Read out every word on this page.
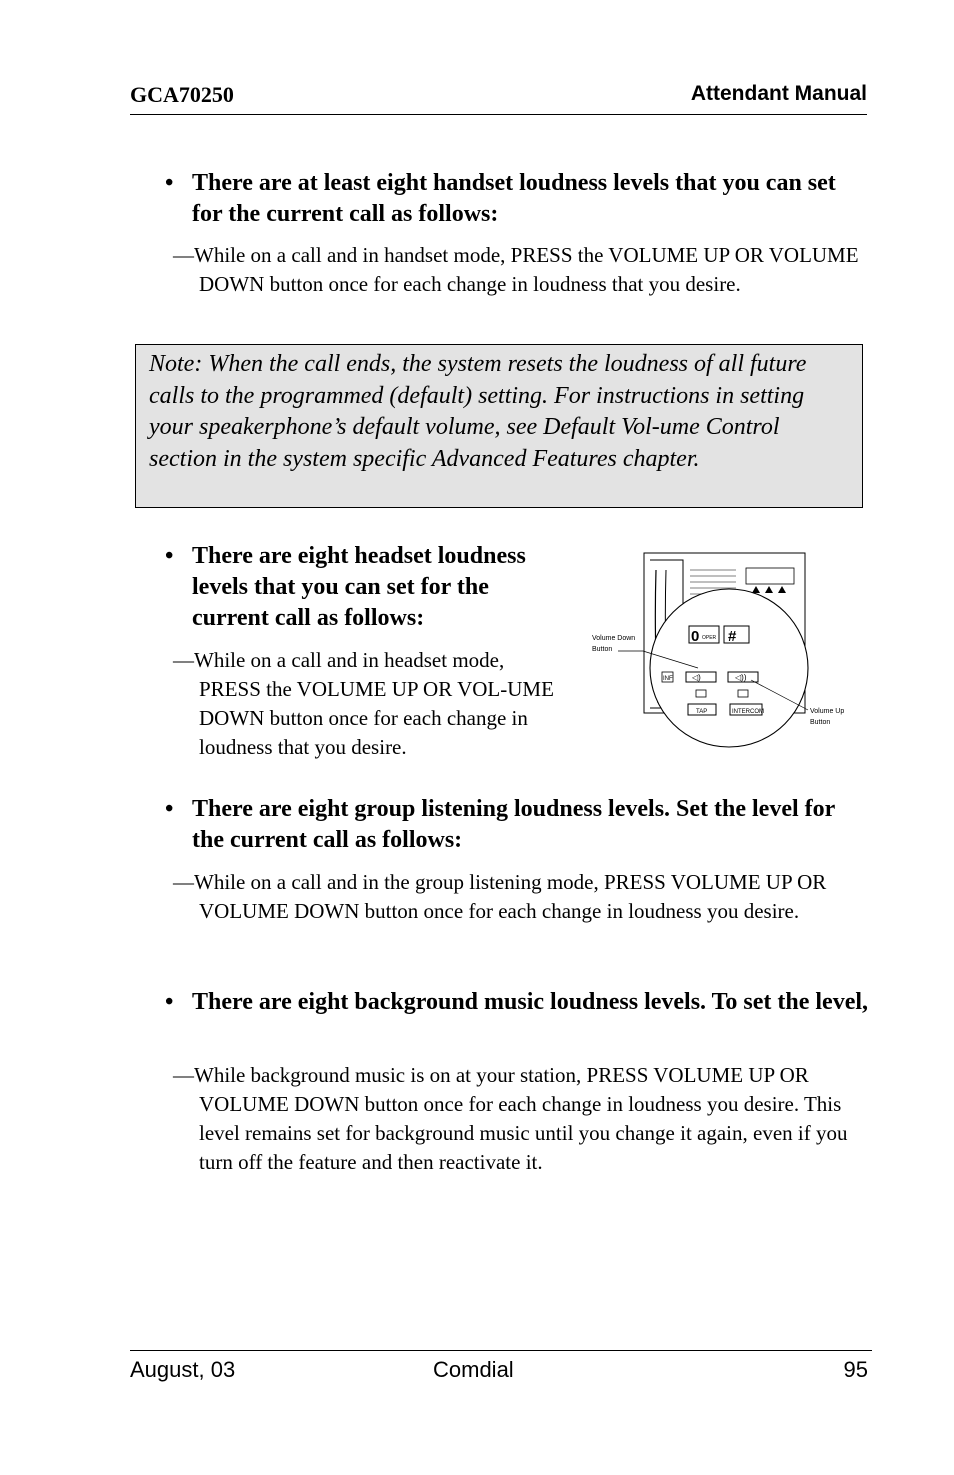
GCA70250	Attendant Manual
• There are at least eight handset loudness levels that you can set for the current call as follows:
—While on a call and in handset mode, PRESS the VOLUME UP OR VOLUME DOWN button once for each change in loudness that you desire.
Note: When the call ends, the system resets the loudness of all future calls to the programmed (default) setting. For instructions in setting your speakerphone’s default volume, see Default Vol-ume Control section in the system specific Advanced Features chapter.
• There are eight headset loudness levels that you can set for the current call as follows:
—While on a call and in headset mode, PRESS the VOLUME UP OR VOL-UME DOWN button once for each change in loudness that you desire.
0 OPER #
◁)	◁))
TAP	INTERCOM
INF
Volume Down
Button
Volume Up
Button
• There are eight group listening loudness levels. Set the level for the current call as follows:
—While on a call and in the group listening mode, PRESS VOLUME UP OR VOLUME DOWN button once for each change in loudness you desire.
• There are eight background music loudness levels. To set the level,
—While background music is on at your station, PRESS VOLUME UP OR VOLUME DOWN button once for each change in loudness you desire. This level remains set for background music until you change it again, even if you turn off the feature and then reactivate it.
August, 03	Comdial	95
